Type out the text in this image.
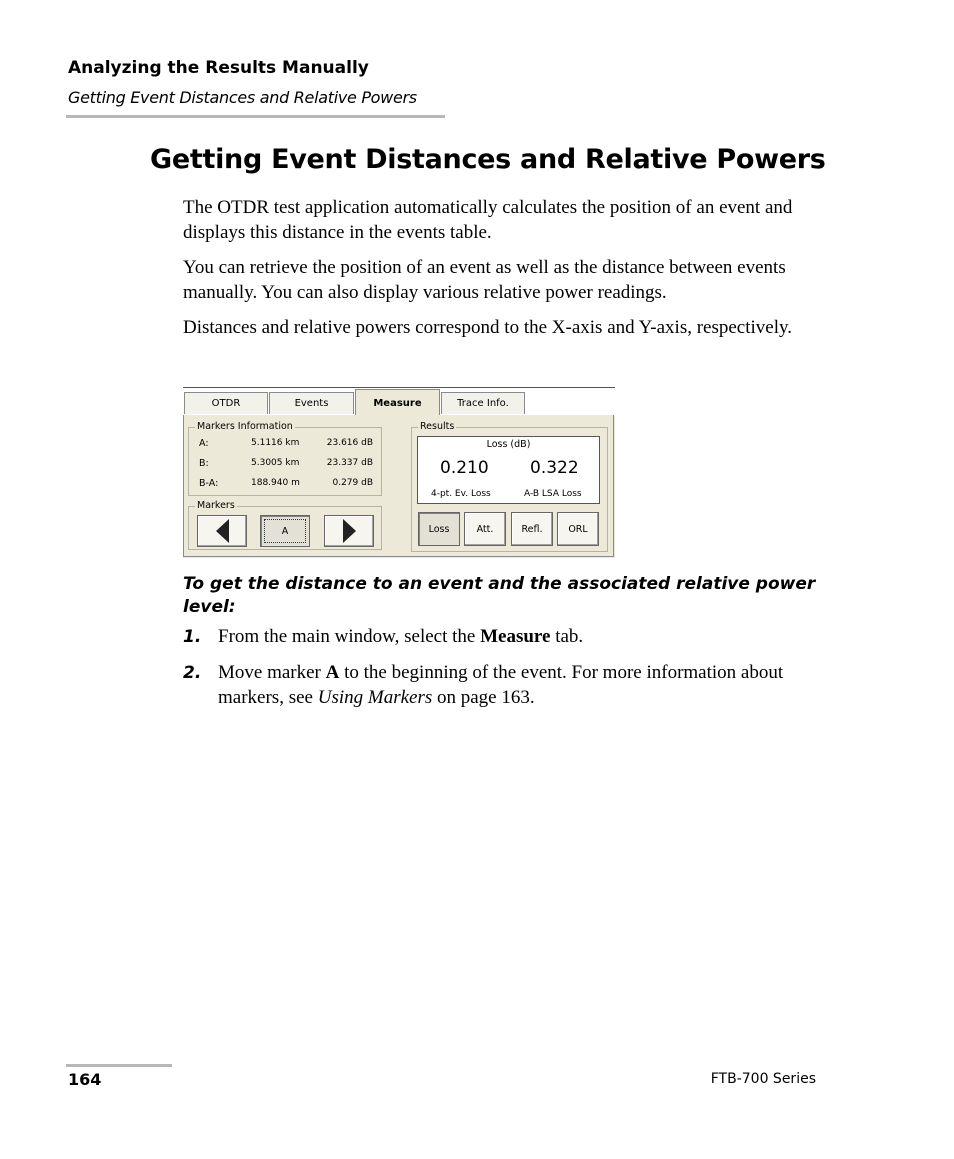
Analyzing the Results Manually
Getting Event Distances and Relative Powers
Getting Event Distances and Relative Powers

The OTDR test application automatically calculates the position of an event and displays this distance in the events table.

You can retrieve the position of an event as well as the distance between events manually. You can also display various relative power readings.

Distances and relative powers correspond to the X-axis and Y-axis, respectively.

OTDR	Events	Measure	Trace Info.
Markers Information
A:	5.1116 km	23.616 dB
B:	5.3005 km	23.337 dB
B-A:	188.940 m	0.279 dB
Markers
A
Results
Loss (dB)
0.210 0.322
4-pt. Ev. Loss	A-B LSA Loss
Loss	Att.	Refl.	ORL

To get the distance to an event and the associated relative power level:

1. From the main window, select the Measure tab.

2. Move marker A to the beginning of the event. For more information about markers, see Using Markers on page 163.

164	FTB-700 Series
